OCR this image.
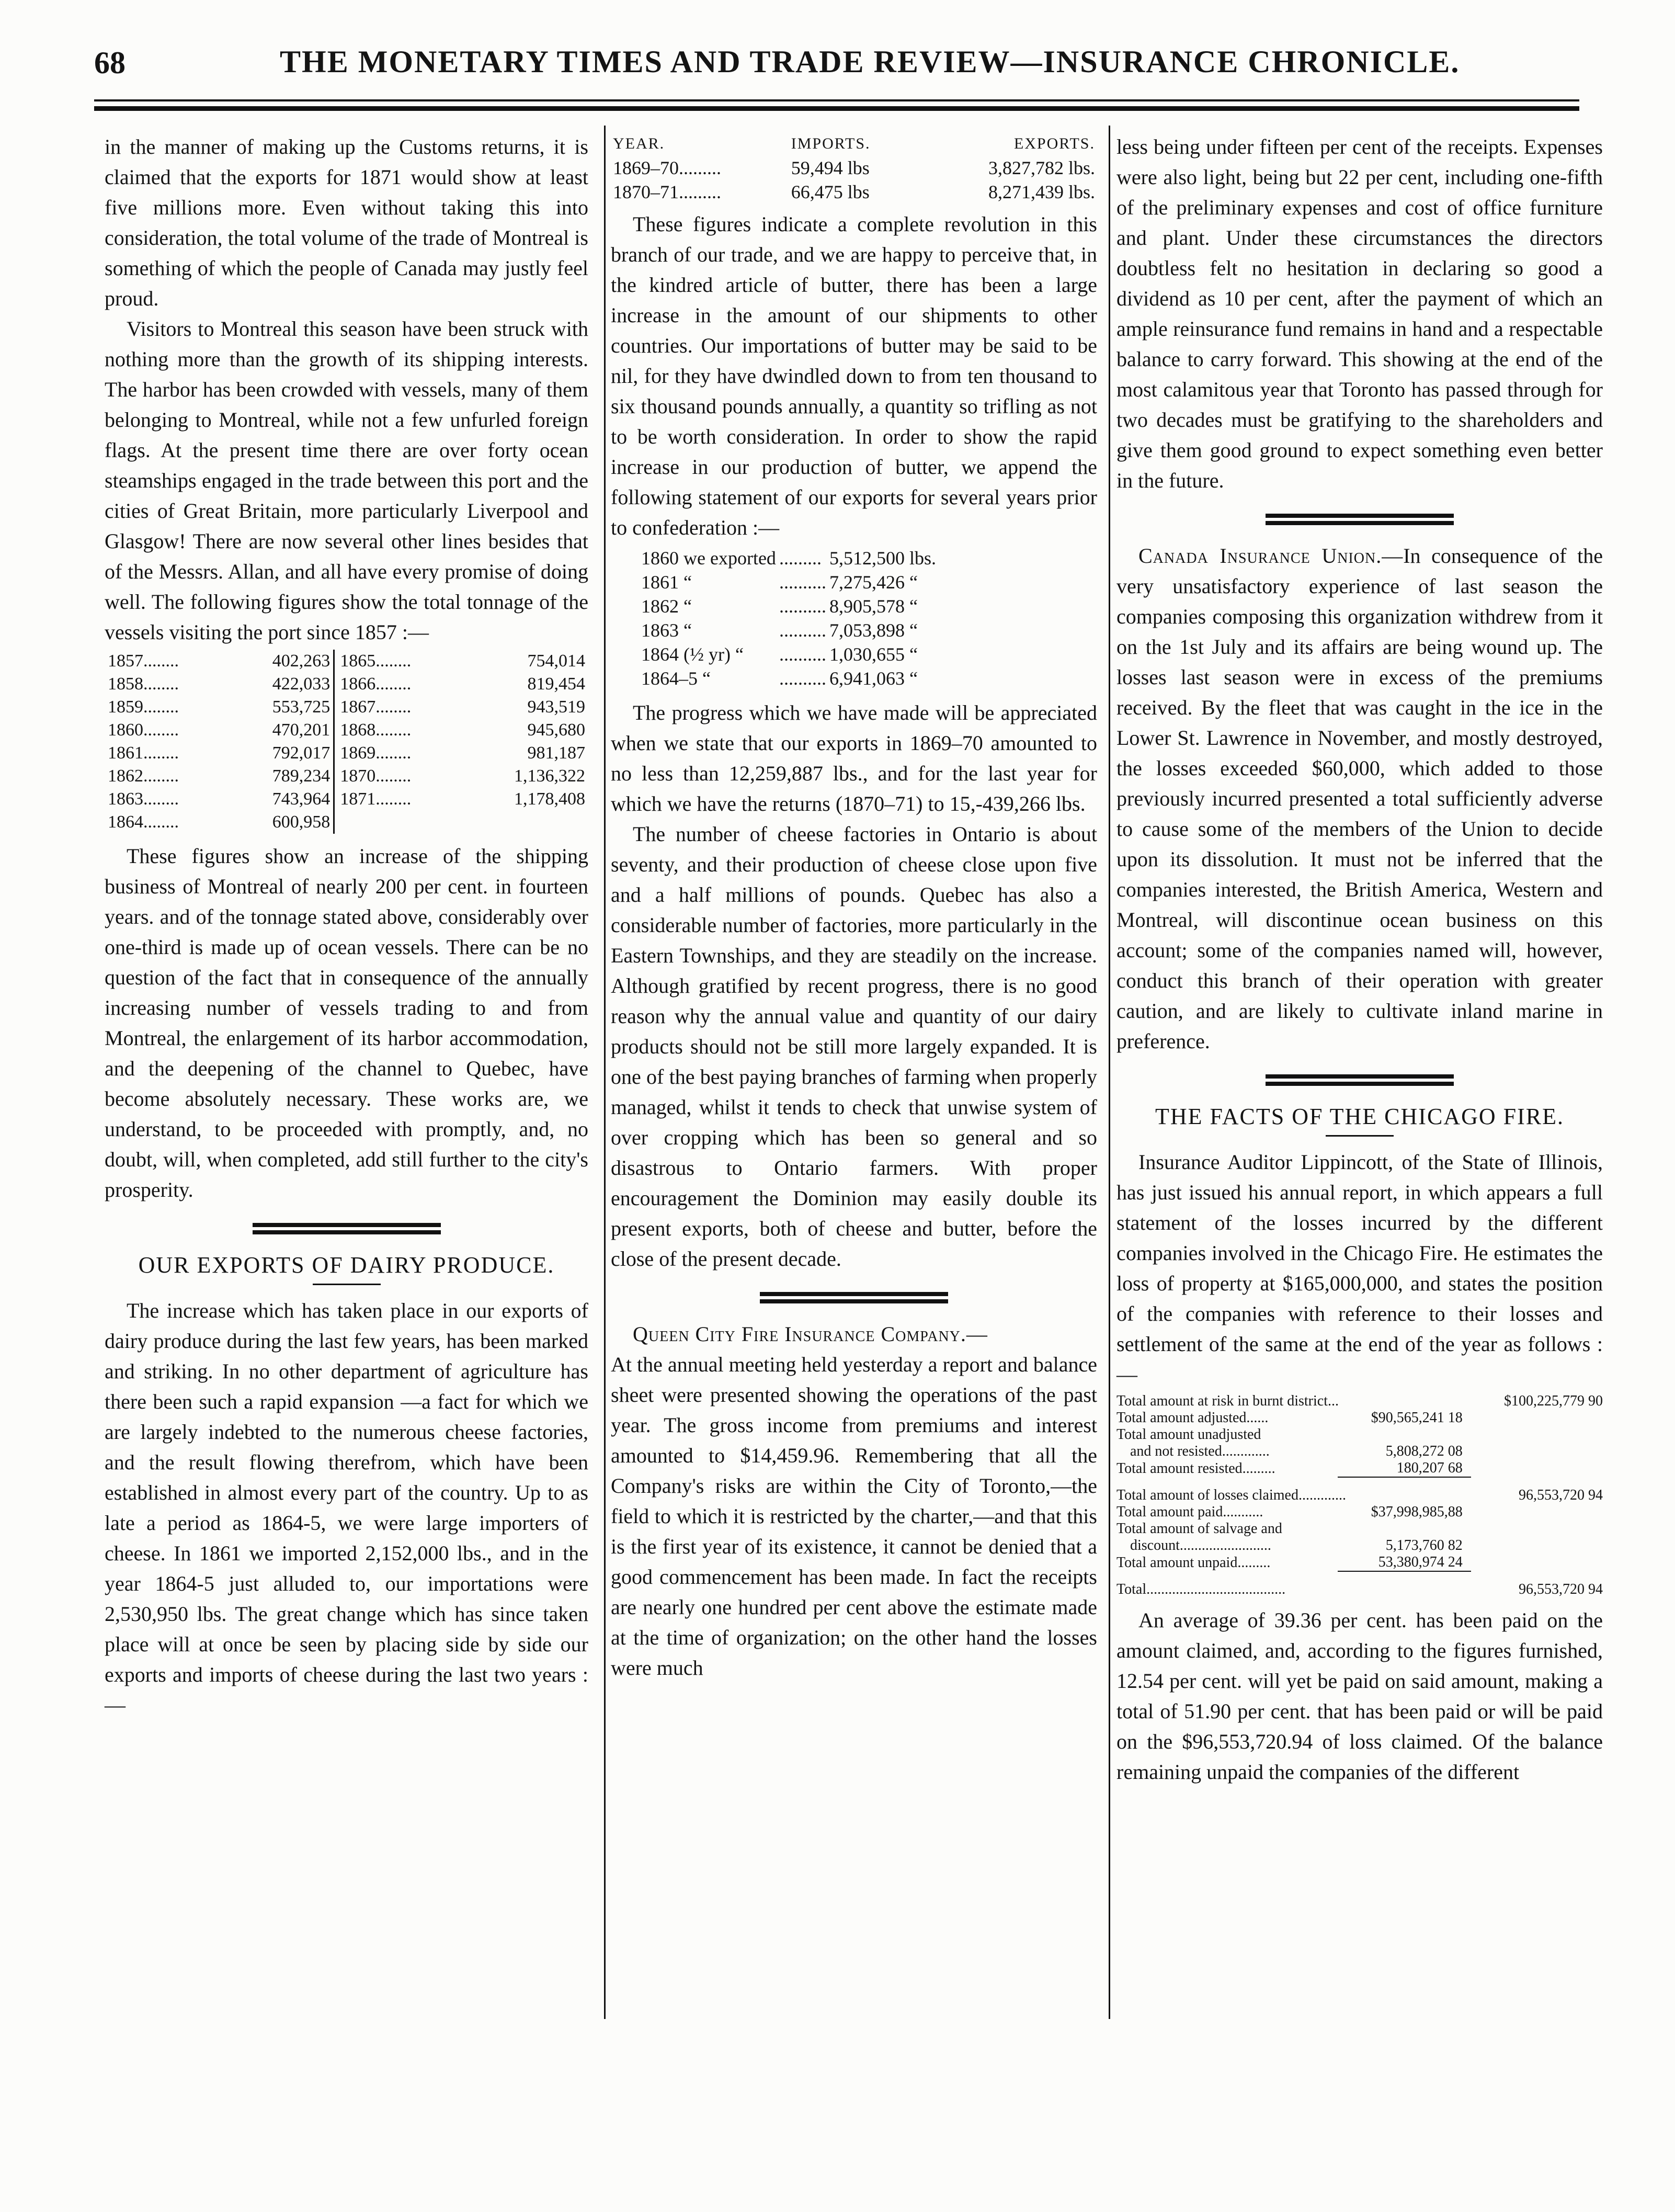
68	THE MONETARY TIMES AND TRADE REVIEW—INSURANCE CHRONICLE.

in the manner of making up the Customs returns, it is claimed that the exports for 1871 would show at least five millions more. Even without taking this into consideration, the total volume of the trade of Montreal is something of which the people of Canada may justly feel proud.

Visitors to Montreal this season have been struck with nothing more than the growth of its shipping interests. The harbor has been crowded with vessels, many of them belonging to Montreal, while not a few unfurled foreign flags. At the present time there are over forty ocean steamships engaged in the trade between this port and the cities of Great Britain, more particularly Liverpool and Glasgow! There are now several other lines besides that of the Messrs. Allan, and all have every promise of doing well. The following figures show the total tonnage of the vessels visiting the port since 1857 :—

1857........	402,263	1865........	754,014
1858........	422,033	1866........	819,454
1859........	553,725	1867........	943,519
1860........	470,201	1868........	945,680
1861........	792,017	1869........	981,187
1862........	789,234	1870........	1,136,322
1863........	743,964	1871........	1,178,408
1864........	600,958		

These figures show an increase of the shipping business of Montreal of nearly 200 per cent. in fourteen years. and of the tonnage stated above, considerably over one-third is made up of ocean vessels. There can be no question of the fact that in consequence of the annually increasing number of vessels trading to and from Montreal, the enlargement of its harbor accommodation, and the deepening of the channel to Quebec, have become absolutely necessary. These works are, we understand, to be proceeded with promptly, and, no doubt, will, when completed, add still further to the city's prosperity.

OUR EXPORTS OF DAIRY PRODUCE.

The increase which has taken place in our exports of dairy produce during the last few years, has been marked and striking. In no other department of agriculture has there been such a rapid expansion —a fact for which we are largely indebted to the numerous cheese factories, and the result flowing therefrom, which have been established in almost every part of the country. Up to as late a period as 1864-5, we were large importers of cheese. In 1861 we imported 2,152,000 lbs., and in the year 1864-5 just alluded to, our importations were 2,530,950 lbs. The great change which has since taken place will at once be seen by placing side by side our exports and imports of cheese during the last two years :—

YEAR.	IMPORTS.	EXPORTS.
1869–70.........	59,494 lbs	3,827,782 lbs.
1870–71.........	66,475 lbs	8,271,439 lbs.

These figures indicate a complete revolution in this branch of our trade, and we are happy to perceive that, in the kindred article of butter, there has been a large increase in the amount of our shipments to other countries. Our importations of butter may be said to be nil, for they have dwindled down to from ten thousand to six thousand pounds annually, a quantity so trifling as not to be worth consideration. In order to show the rapid increase in our production of butter, we append the following statement of our exports for several years prior to confederation :—

1860 we exported	.........	5,512,500 lbs.
1861 “	..........	7,275,426 “
1862 “	..........	8,905,578 “
1863 “	..........	7,053,898 “
1864 (½ yr) “	..........	1,030,655 “
1864–5 “	..........	6,941,063 “

The progress which we have made will be appreciated when we state that our exports in 1869–70 amounted to no less than 12,259,887 lbs., and for the last year for which we have the returns (1870–71) to 15,-439,266 lbs.

The number of cheese factories in Ontario is about seventy, and their production of cheese close upon five and a half millions of pounds. Quebec has also a considerable number of factories, more particularly in the Eastern Townships, and they are steadily on the increase. Although gratified by recent progress, there is no good reason why the annual value and quantity of our dairy products should not be still more largely expanded. It is one of the best paying branches of farming when properly managed, whilst it tends to check that unwise system of over cropping which has been so general and so disastrous to Ontario farmers. With proper encouragement the Dominion may easily double its present exports, both of cheese and butter, before the close of the present decade.

Queen City Fire Insurance Company.—

At the annual meeting held yesterday a report and balance sheet were presented showing the operations of the past year. The gross income from premiums and interest amounted to $14,459.96. Remembering that all the Company's risks are within the City of Toronto,—the field to which it is restricted by the charter,—and that this is the first year of its existence, it cannot be denied that a good commencement has been made. In fact the receipts are nearly one hundred per cent above the estimate made at the time of organization; on the other hand the losses were much

less being under fifteen per cent of the receipts. Expenses were also light, being but 22 per cent, including one-fifth of the preliminary expenses and cost of office furniture and plant. Under these circumstances the directors doubtless felt no hesitation in declaring so good a dividend as 10 per cent, after the payment of which an ample reinsurance fund remains in hand and a respectable balance to carry forward. This showing at the end of the most calamitous year that Toronto has passed through for two decades must be gratifying to the shareholders and give them good ground to expect something even better in the future.

Canada Insurance Union.—In consequence of the very unsatisfactory experience of last season the companies composing this organization withdrew from it on the 1st July and its affairs are being wound up. The losses last season were in excess of the premiums received. By the fleet that was caught in the ice in the Lower St. Lawrence in November, and mostly destroyed, the losses exceeded $60,000, which added to those previously incurred presented a total sufficiently adverse to cause some of the members of the Union to decide upon its dissolution. It must not be inferred that the companies interested, the British America, Western and Montreal, will discontinue ocean business on this account; some of the companies named will, however, conduct this branch of their operation with greater caution, and are likely to cultivate inland marine in preference.

THE FACTS OF THE CHICAGO FIRE.

Insurance Auditor Lippincott, of the State of Illinois, has just issued his annual report, in which appears a full statement of the losses incurred by the different companies involved in the Chicago Fire. He estimates the loss of property at $165,000,000, and states the position of the companies with reference to their losses and settlement of the same at the end of the year as follows :—

Total amount at risk in burnt district...		$100,225,779 90
Total amount adjusted......	$90,565,241 18	
Total amount unadjusted		
and not resisted.............	5,808,272 08	
Total amount resisted.........	180,207 68	
Total amount of losses claimed.............		96,553,720 94
Total amount paid...........	$37,998,985,88	
Total amount of salvage and		
discount.........................	5,173,760 82	
Total amount unpaid.........	53,380,974 24	
Total......................................		96,553,720 94

An average of 39.36 per cent. has been paid on the amount claimed, and, according to the figures furnished, 12.54 per cent. will yet be paid on said amount, making a total of 51.90 per cent. that has been paid or will be paid on the $96,553,720.94 of loss claimed. Of the balance remaining unpaid the companies of the different
